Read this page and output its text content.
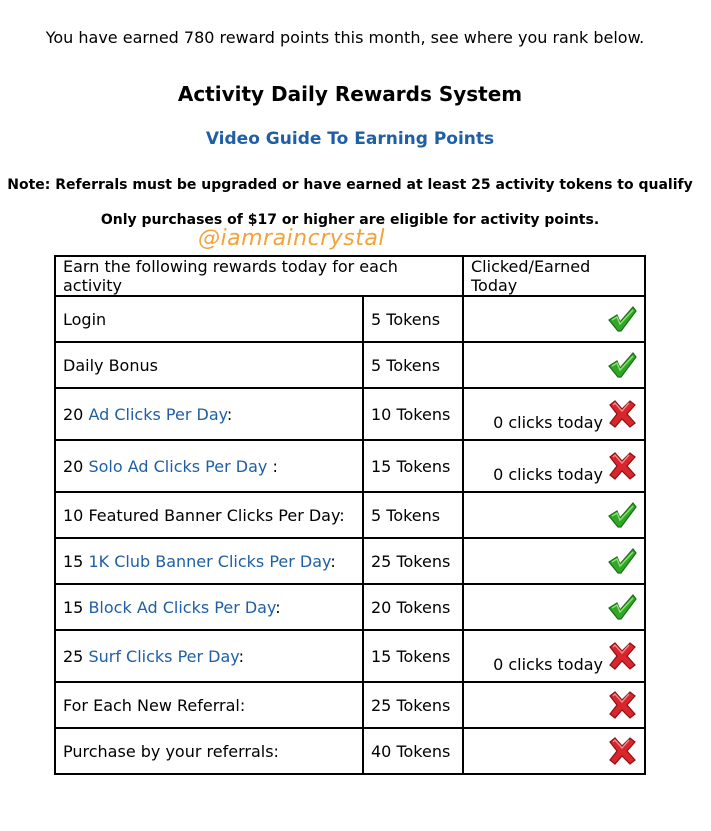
You have earned 780 reward points this month, see where you rank below.
Activity Daily Rewards System
Video Guide To Earning Points
Note: Referrals must be upgraded or have earned at least 25 activity tokens to qualify
Only purchases of $17 or higher are eligible for activity points.
@iamraincrystal
Earn the following rewards today for each activity		Clicked/Earned Today
Login	5 Tokens	

Daily Bonus	5 Tokens	

20 Ad Clicks Per Day:	10 Tokens	0 clicks today

20 Solo Ad Clicks Per Day :	15 Tokens	0 clicks today

10 Featured Banner Clicks Per Day:	5 Tokens	

15 1K Club Banner Clicks Per Day:	25 Tokens	

15 Block Ad Clicks Per Day:	20 Tokens	

25 Surf Clicks Per Day:	15 Tokens	0 clicks today

For Each New Referral:	25 Tokens	

Purchase by your referrals:	40 Tokens	
